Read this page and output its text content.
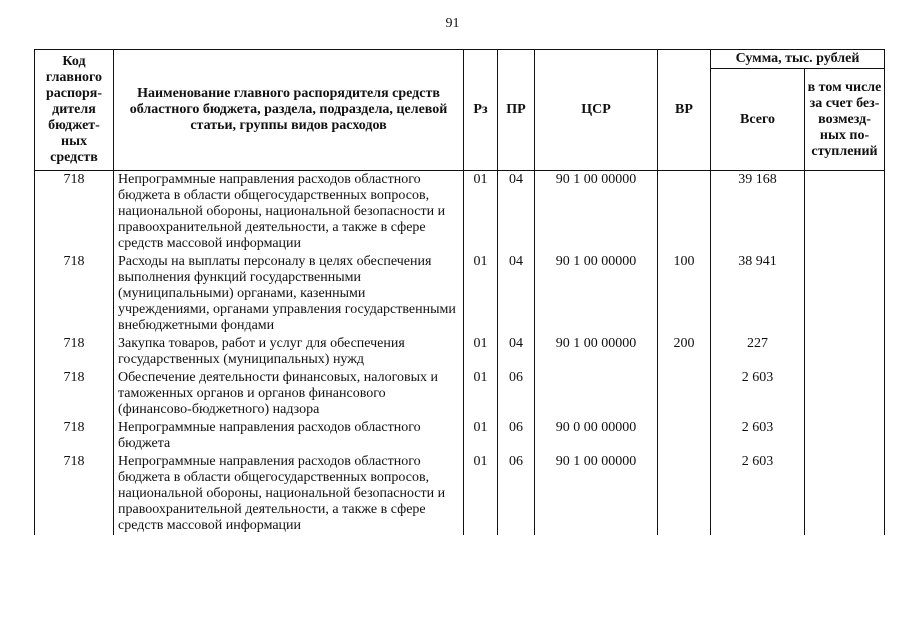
91
Код главного распоря-дителя бюджет-ных средств	Наименование главного распорядителя средств областного бюджета, раздела, подраздела, целевой статьи, группы видов расходов	Рз	ПР	ЦСР	ВР	Сумма, тыс. рублей	
						Всего	в том числе за счет без-возмезд-ных по-ступлений
718	Непрограммные направления расходов областного бюджета в области общегосударственных вопросов, национальной обороны, национальной безопасности и правоохранительной деятельности, а также в сфере средств массовой информации	01	04	90 1 00 00000		39 168	
718	Расходы на выплаты персоналу в целях обеспечения выполнения функций государственными (муниципальными) органами, казенными учреждениями, органами управления государственными внебюджетными фондами	01	04	90 1 00 00000	100	38 941	
718	Закупка товаров, работ и услуг для обеспечения государственных (муниципальных) нужд	01	04	90 1 00 00000	200	227	
718	Обеспечение деятельности финансовых, налоговых и таможенных органов и органов финансового (финансово-бюджетного) надзора	01	06			2 603	
718	Непрограммные направления расходов областного бюджета	01	06	90 0 00 00000		2 603	
718	Непрограммные направления расходов областного бюджета в области общегосударственных вопросов, национальной обороны, национальной безопасности и правоохранительной деятельности, а также в сфере средств массовой информации	01	06	90 1 00 00000		2 603	
